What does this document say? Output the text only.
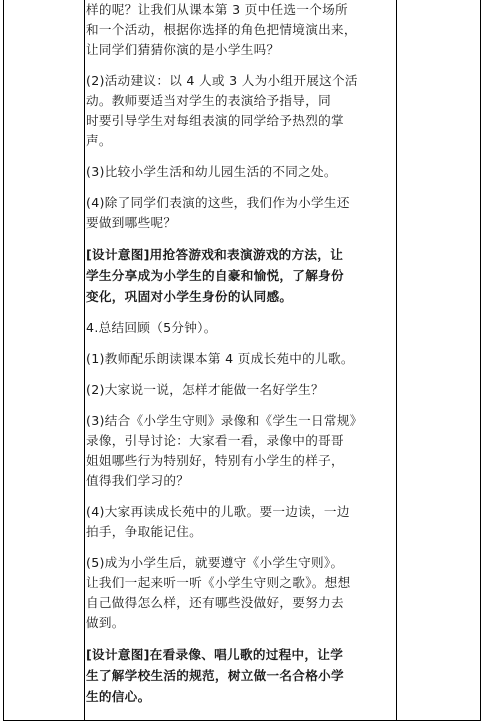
样的呢？让我们从课本第 3 页中任选一个场所
和一个活动，根据你选择的角色把情境演出来，
让同学们猜猜你演的是小学生吗？

(2)活动建议：以 4 人或 3 人为小组开展这个活
动。教师要适当对学生的表演给予指导，同
时要引导学生对每组表演的同学给予热烈的掌
声。

(3)比较小学生活和幼儿园生活的不同之处。

(4)除了同学们表演的这些，我们作为小学生还
要做到哪些呢？

[设计意图]用抢答游戏和表演游戏的方法，让
学生分享成为小学生的自豪和愉悦，了解身份
变化，巩固对小学生身份的认同感。

4.总结回顾（5分钟）。

(1)教师配乐朗读课本第 4 页成长苑中的儿歌。

(2)大家说一说，怎样才能做一名好学生？

(3)结合《小学生守则》录像和《学生一日常规》
录像，引导讨论：大家看一看，录像中的哥哥
姐姐哪些行为特别好，特别有小学生的样子，
值得我们学习的？

(4)大家再读成长苑中的儿歌。要一边读，一边
拍手，争取能记住。

(5)成为小学生后，就要遵守《小学生守则》。
让我们一起来听一听《小学生守则之歌》。想想
自己做得怎么样，还有哪些没做好，要努力去
做到。

[设计意图]在看录像、唱儿歌的过程中，让学
生了解学校生活的规范，树立做一名合格小学
生的信心。
